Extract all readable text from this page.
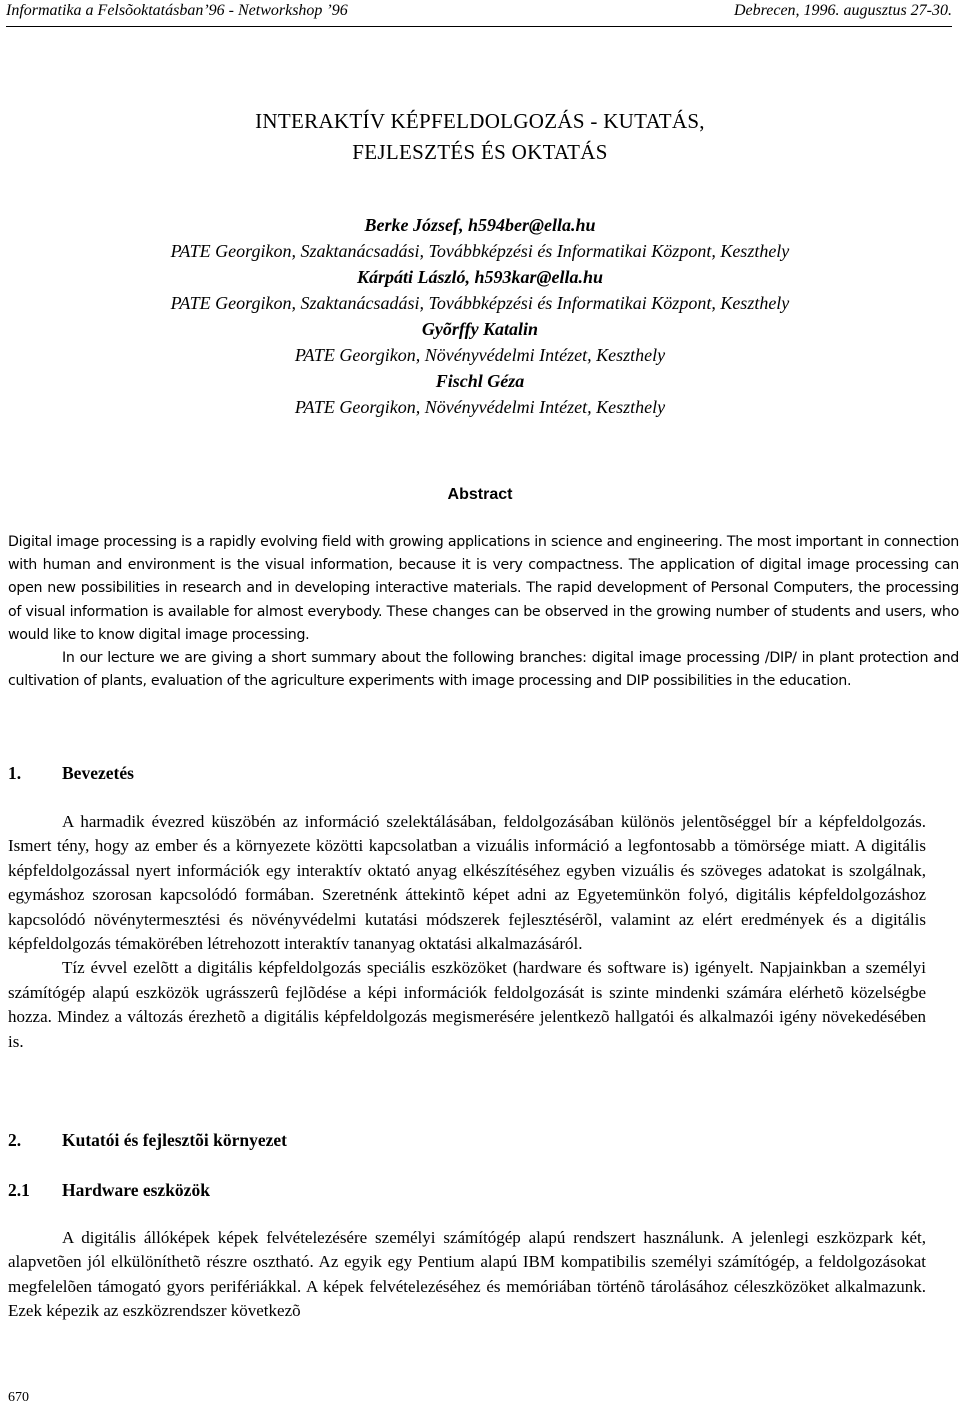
Informatika a Felsõoktatásban’96 - Networkshop ’96	Debrecen, 1996. augusztus 27-30.
INTERAKTÍV KÉPFELDOLGOZÁS - KUTATÁS,
FEJLESZTÉS ÉS OKTATÁS
Berke József, h594ber@ella.hu
PATE Georgikon, Szaktanácsadási, Továbbképzési és Informatikai Központ, Keszthely
Kárpáti László, h593kar@ella.hu
PATE Georgikon, Szaktanácsadási, Továbbképzési és Informatikai Központ, Keszthely
Gyõrffy Katalin
PATE Georgikon, Növényvédelmi Intézet, Keszthely
Fischl Géza
PATE Georgikon, Növényvédelmi Intézet, Keszthely
Abstract

Digital image processing is a rapidly evolving field with growing applications in science and engineering. The most important in connection with human and environment is the visual information, because it is very compactness. The application of digital image processing can open new possibilities in research and in developing interactive materials. The rapid development of Personal Computers, the processing of visual information is available for almost everybody. These changes can be observed in the growing number of students and users, who would like to know digital image processing.

In our lecture we are giving a short summary about the following branches: digital image processing /DIP/ in plant protection and cultivation of plants, evaluation of the agriculture experiments with image processing and DIP possibilities in the education.

1. Bevezetés

A harmadik évezred küszöbén az információ szelektálásában, feldolgozásában különös jelentõséggel bír a képfeldolgozás. Ismert tény, hogy az ember és a környezete közötti kapcsolatban a vizuális információ a legfontosabb a tömörsége miatt. A digitális képfeldolgozással nyert információk egy interaktív oktató anyag elkészítéséhez egyben vizuális és szöveges adatokat is szolgálnak, egymáshoz szorosan kapcsolódó formában. Szeretnénk áttekintõ képet adni az Egyetemünkön folyó, digitális képfeldolgozáshoz kapcsolódó növénytermesztési és növényvédelmi kutatási módszerek fejlesztésérõl, valamint az elért eredmények és a digitális képfeldolgozás témakörében létrehozott interaktív tananyag oktatási alkalmazásáról.

Tíz évvel ezelõtt a digitális képfeldolgozás speciális eszközöket (hardware és software is) igényelt. Napjainkban a személyi számítógép alapú eszközök ugrásszerû fejlõdése a képi információk feldolgozását is szinte mindenki számára elérhetõ közelségbe hozza. Mindez a változás érezhetõ a digitális képfeldolgozás megismerésére jelentkezõ hallgatói és alkalmazói igény növekedésében is.

2. Kutatói és fejlesztõi környezet
2.1 Hardware eszközök

A digitális állóképek képek felvételezésére személyi számítógép alapú rendszert használunk. A jelenlegi eszközpark két, alapvetõen jól elkülöníthetõ részre osztható. Az egyik egy Pentium alapú IBM kompatibilis személyi számítógép, a feldolgozásokat megfelelõen támogató gyors perifériákkal. A képek felvételezéséhez és memóriában történõ tárolásához céleszközöket alkalmazunk. Ezek képezik az eszközrendszer következõ

670
